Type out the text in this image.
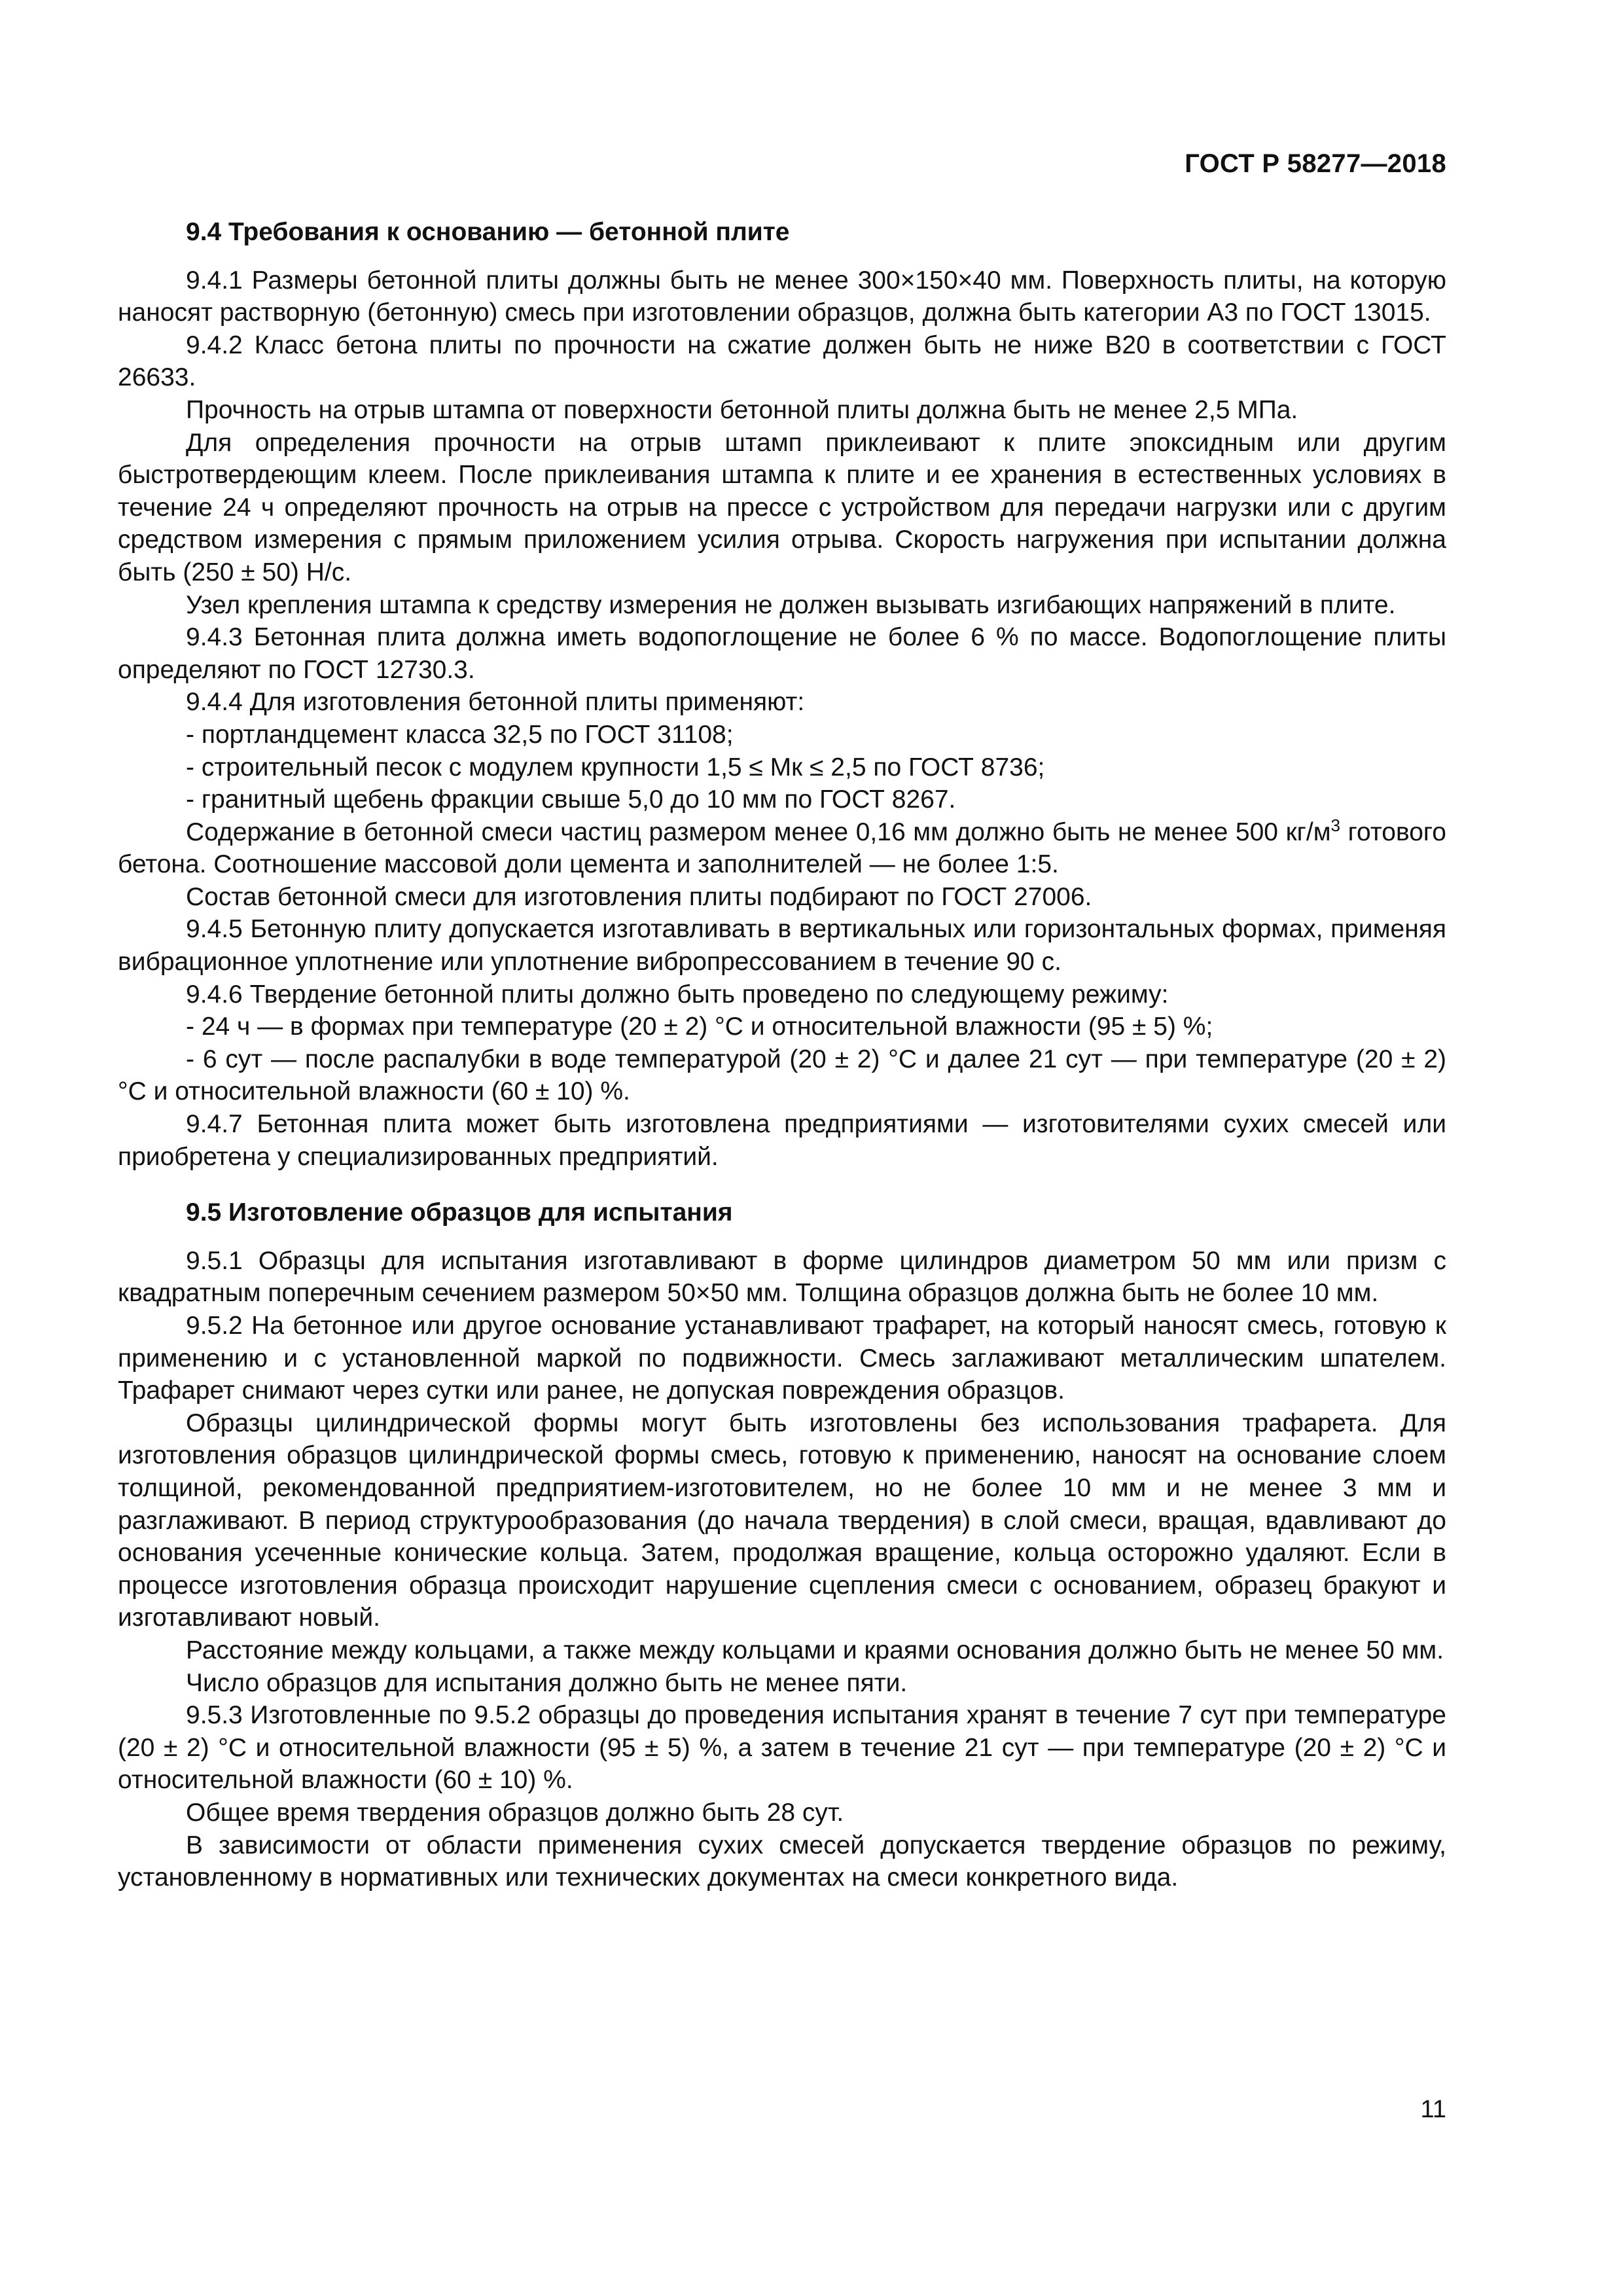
ГОСТ Р 58277—2018
9.4 Требования к основанию — бетонной плите

9.4.1 Размеры бетонной плиты должны быть не менее 300×150×40 мм. Поверхность плиты, на которую наносят растворную (бетонную) смесь при изготовлении образцов, должна быть категории А3 по ГОСТ 13015.

9.4.2 Класс бетона плиты по прочности на сжатие должен быть не ниже В20 в соответствии с ГОСТ 26633.

Прочность на отрыв штампа от поверхности бетонной плиты должна быть не менее 2,5 МПа.

Для определения прочности на отрыв штамп приклеивают к плите эпоксидным или другим быстротвердеющим клеем. После приклеивания штампа к плите и ее хранения в естественных условиях в течение 24 ч определяют прочность на отрыв на прессе с устройством для передачи нагрузки или с другим средством измерения с прямым приложением усилия отрыва. Скорость нагружения при испытании должна быть (250 ± 50) Н/с.

Узел крепления штампа к средству измерения не должен вызывать изгибающих напряжений в плите.

9.4.3 Бетонная плита должна иметь водопоглощение не более 6 % по массе. Водопоглощение плиты определяют по ГОСТ 12730.3.

9.4.4 Для изготовления бетонной плиты применяют:

- портландцемент класса 32,5 по ГОСТ 31108;

- строительный песок с модулем крупности 1,5 ≤ Мк ≤ 2,5 по ГОСТ 8736;

- гранитный щебень фракции свыше 5,0 до 10 мм по ГОСТ 8267.

Содержание в бетонной смеси частиц размером менее 0,16 мм должно быть не менее 500 $кг/м^3$ готового бетона. Соотношение массовой доли цемента и заполнителей — не более 1:5.

Состав бетонной смеси для изготовления плиты подбирают по ГОСТ 27006.

9.4.5 Бетонную плиту допускается изготавливать в вертикальных или горизонтальных формах, применяя вибрационное уплотнение или уплотнение вибропрессованием в течение 90 с.

9.4.6 Твердение бетонной плиты должно быть проведено по следующему режиму:

- 24 ч — в формах при температуре (20 ± 2) °С и относительной влажности (95 ± 5) %;

- 6 сут — после распалубки в воде температурой (20 ± 2) °С и далее 21 сут — при температуре (20 ± 2) °С и относительной влажности (60 ± 10) %.

9.4.7 Бетонная плита может быть изготовлена предприятиями — изготовителями сухих смесей или приобретена у специализированных предприятий.

9.5 Изготовление образцов для испытания

9.5.1 Образцы для испытания изготавливают в форме цилиндров диаметром 50 мм или призм с квадратным поперечным сечением размером 50×50 мм. Толщина образцов должна быть не более 10 мм.

9.5.2 На бетонное или другое основание устанавливают трафарет, на который наносят смесь, готовую к применению и с установленной маркой по подвижности. Смесь заглаживают металлическим шпателем. Трафарет снимают через сутки или ранее, не допуская повреждения образцов.

Образцы цилиндрической формы могут быть изготовлены без использования трафарета. Для изготовления образцов цилиндрической формы смесь, готовую к применению, наносят на основание слоем толщиной, рекомендованной предприятием-изготовителем, но не более 10 мм и не менее 3 мм и разглаживают. В период структурообразования (до начала твердения) в слой смеси, вращая, вдавливают до основания усеченные конические кольца. Затем, продолжая вращение, кольца осторожно удаляют. Если в процессе изготовления образца происходит нарушение сцепления смеси с основанием, образец бракуют и изготавливают новый.

Расстояние между кольцами, а также между кольцами и краями основания должно быть не менее 50 мм.

Число образцов для испытания должно быть не менее пяти.

9.5.3 Изготовленные по 9.5.2 образцы до проведения испытания хранят в течение 7 сут при температуре (20 ± 2) °С и относительной влажности (95 ± 5) %, а затем в течение 21 сут — при температуре (20 ± 2) °С и относительной влажности (60 ± 10) %.

Общее время твердения образцов должно быть 28 сут.

В зависимости от области применения сухих смесей допускается твердение образцов по режиму, установленному в нормативных или технических документах на смеси конкретного вида.

11
